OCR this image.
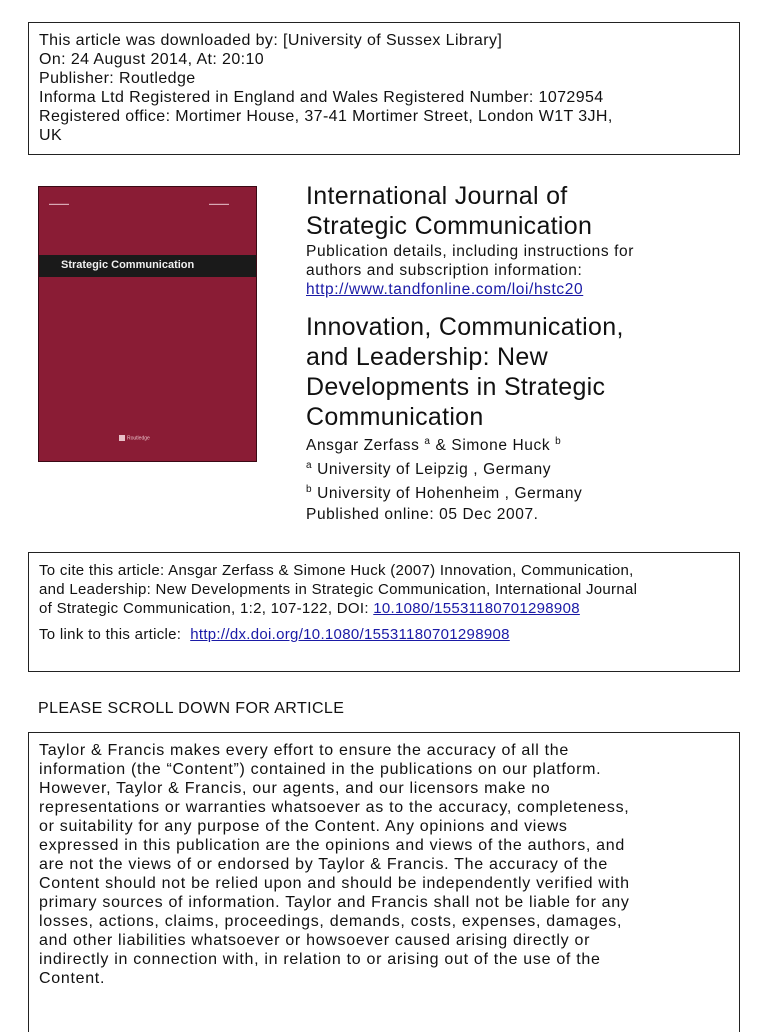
This article was downloaded by: [University of Sussex Library]
On: 24 August 2014, At: 20:10
Publisher: Routledge
Informa Ltd Registered in England and Wales Registered Number: 1072954
Registered office: Mortimer House, 37-41 Mortimer Street, London W1T 3JH,
UK
▬▬▬▬▬	▬▬▬▬▬
Strategic Communication
Routledge
International Journal of
Strategic Communication
Publication details, including instructions for
authors and subscription information:
http://www.tandfonline.com/loi/hstc20
Innovation, Communication,
and Leadership: New
Developments in Strategic
Communication
Ansgar Zerfass $^a$ & Simone Huck $^b$
$^a$ University of Leipzig , Germany
$^b$ University of Hohenheim , Germany
Published online: 05 Dec 2007.
To cite this article: Ansgar Zerfass & Simone Huck (2007) Innovation, Communication,
and Leadership: New Developments in Strategic Communication, International Journal
of Strategic Communication, 1:2, 107-122, DOI: 10.1080/15531180701298908
To link to this article: http://dx.doi.org/10.1080/15531180701298908
PLEASE SCROLL DOWN FOR ARTICLE
Taylor & Francis makes every effort to ensure the accuracy of all the
information (the “Content”) contained in the publications on our platform.
However, Taylor & Francis, our agents, and our licensors make no
representations or warranties whatsoever as to the accuracy, completeness,
or suitability for any purpose of the Content. Any opinions and views
expressed in this publication are the opinions and views of the authors, and
are not the views of or endorsed by Taylor & Francis. The accuracy of the
Content should not be relied upon and should be independently verified with
primary sources of information. Taylor and Francis shall not be liable for any
losses, actions, claims, proceedings, demands, costs, expenses, damages,
and other liabilities whatsoever or howsoever caused arising directly or
indirectly in connection with, in relation to or arising out of the use of the
Content.
